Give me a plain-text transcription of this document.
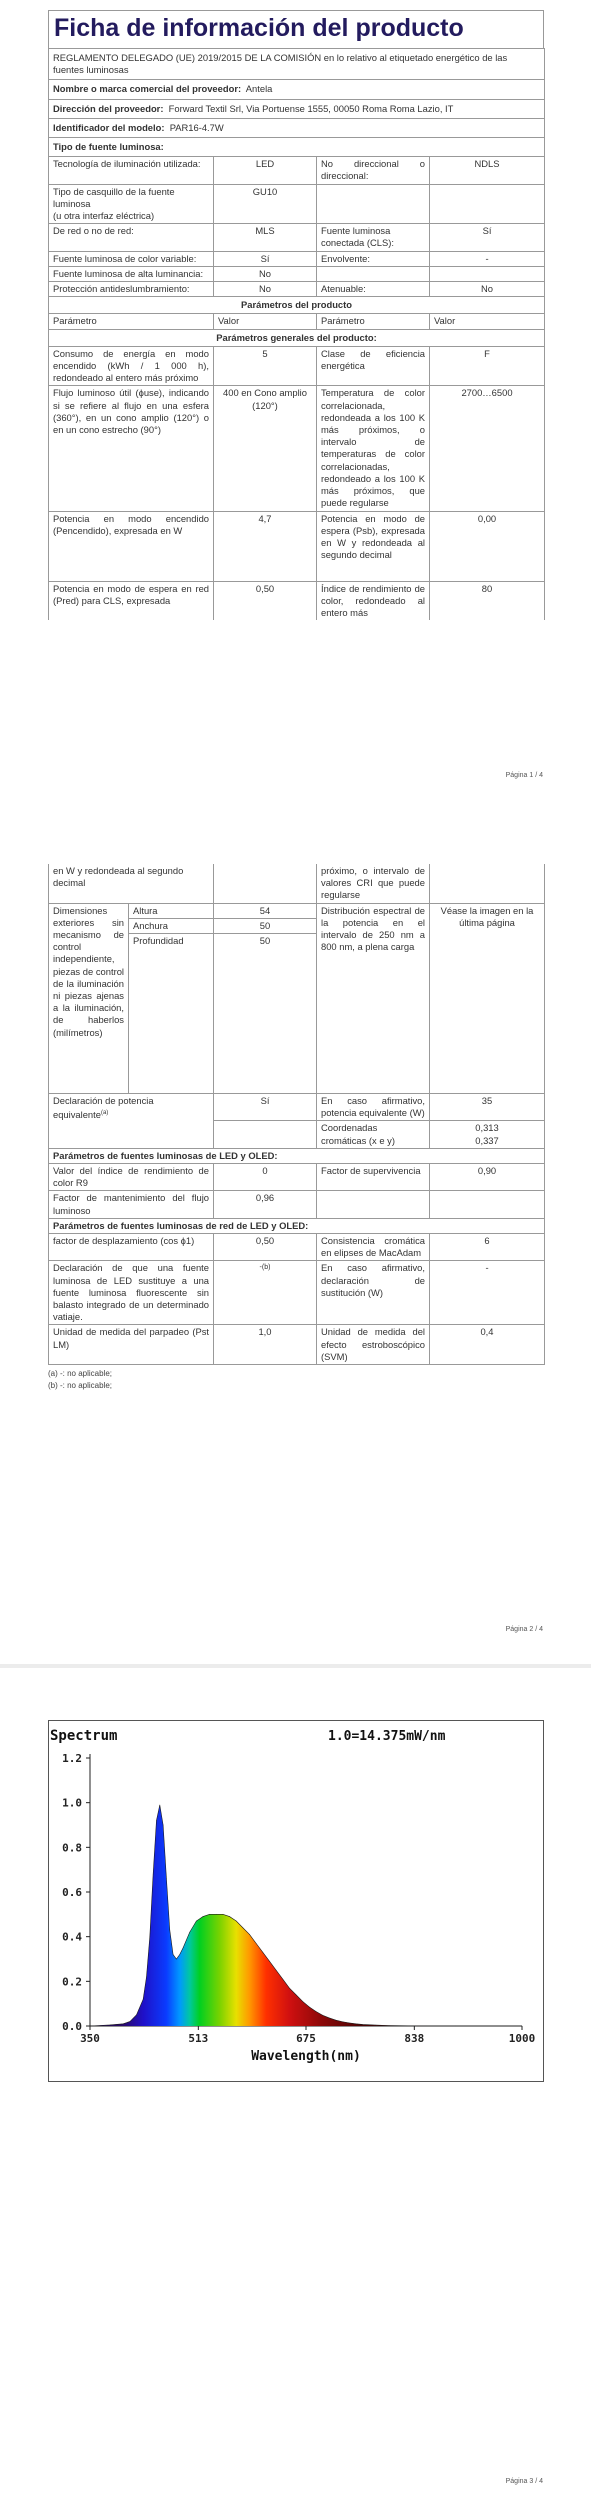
Ficha de información del producto
REGLAMENTO DELEGADO (UE) 2019/2015 DE LA COMISIÓN en lo relativo al etiquetado energético de las fuentes luminosas			
Nombre o marca comercial del proveedor: Antela			
Dirección del proveedor: Forward Textil Srl, Via Portuense 1555, 00050 Roma Roma Lazio, IT			
Identificador del modelo: PAR16-4.7W			
Tipo de fuente luminosa:			
Tecnología de iluminación utilizada:	LED	No direccional o direccional:	NDLS
Tipo de casquillo de la fuente luminosa
(u otra interfaz eléctrica)	GU10		
De red o no de red:	MLS	Fuente luminosa conectada (CLS):	Sí
Fuente luminosa de color variable:	Sí	Envolvente:	-
Fuente luminosa de alta luminancia:	No		
Protección antideslumbramiento:	No	Atenuable:	No
Parámetros del producto			
Parámetro	Valor	Parámetro	Valor
Parámetros generales del producto:			
Consumo de energía en modo encendido (kWh / 1 000 h), redondeado al entero más próximo	5	Clase de eficiencia energética	F
Flujo luminoso útil (ϕuse), indicando si se refiere al flujo en una esfera (360°), en un cono amplio (120°) o en un cono estrecho (90°)	400 en Cono amplio (120°)	Temperatura de color correlacionada, redondeada a los 100 K más próximos, o intervalo de temperaturas de color correlacionadas, redondeado a los 100 K más próximos, que puede regularse	2700…6500
Potencia en modo encendido (Pencendido), expresada en W	4,7	Potencia en modo de espera (Psb), expresada en W y redondeada al segundo decimal	0,00
Potencia en modo de espera en red (Pred) para CLS, expresada	0,50	Índice de rendimiento de color, redondeado al entero más	80
Página 1 / 4
en W y redondeada al segundo decimal			próximo, o intervalo de valores CRI que puede regularse	
Dimensiones exteriores sin mecanismo de control independiente, piezas de control de la iluminación ni piezas ajenas a la iluminación, de haberlos (milímetros)	Altura	54	Distribución espectral de la potencia en el intervalo de 250 nm a 800 nm, a plena carga	Véase la imagen en la última página
	Anchura	50		
	Profundidad	50		
Declaración de potencia equivalente$^{(a)}$		Sí	En caso afirmativo, potencia equivalente (W)	35
			Coordenadas cromáticas (x e y)	0,313
0,337
Parámetros de fuentes luminosas de LED y OLED:				
Valor del índice de rendimiento de color R9		0	Factor de supervivencia	0,90
Factor de mantenimiento del flujo luminoso		0,96		
Parámetros de fuentes luminosas de red de LED y OLED:				
factor de desplazamiento (cos ϕ1)		0,50	Consistencia cromática en elipses de MacAdam	6
Declaración de que una fuente luminosa de LED sustituye a una fuente luminosa fluorescente sin balasto integrado de un determinado vatiaje.		-(b)	En caso afirmativo, declaración de sustitución (W)	-
Unidad de medida del parpadeo (Pst LM)		1,0	Unidad de medida del efecto estroboscópico (SVM)	0,4
(a) -: no aplicable;
(b) -: no aplicable;
Página 2 / 4
0.0
0.2
0.4
0.6
0.8
1.0
1.2
350	513	675	838	1000
Spectrum	1.0=14.375mW/nm
Wavelength(nm)
Página 3 / 4
